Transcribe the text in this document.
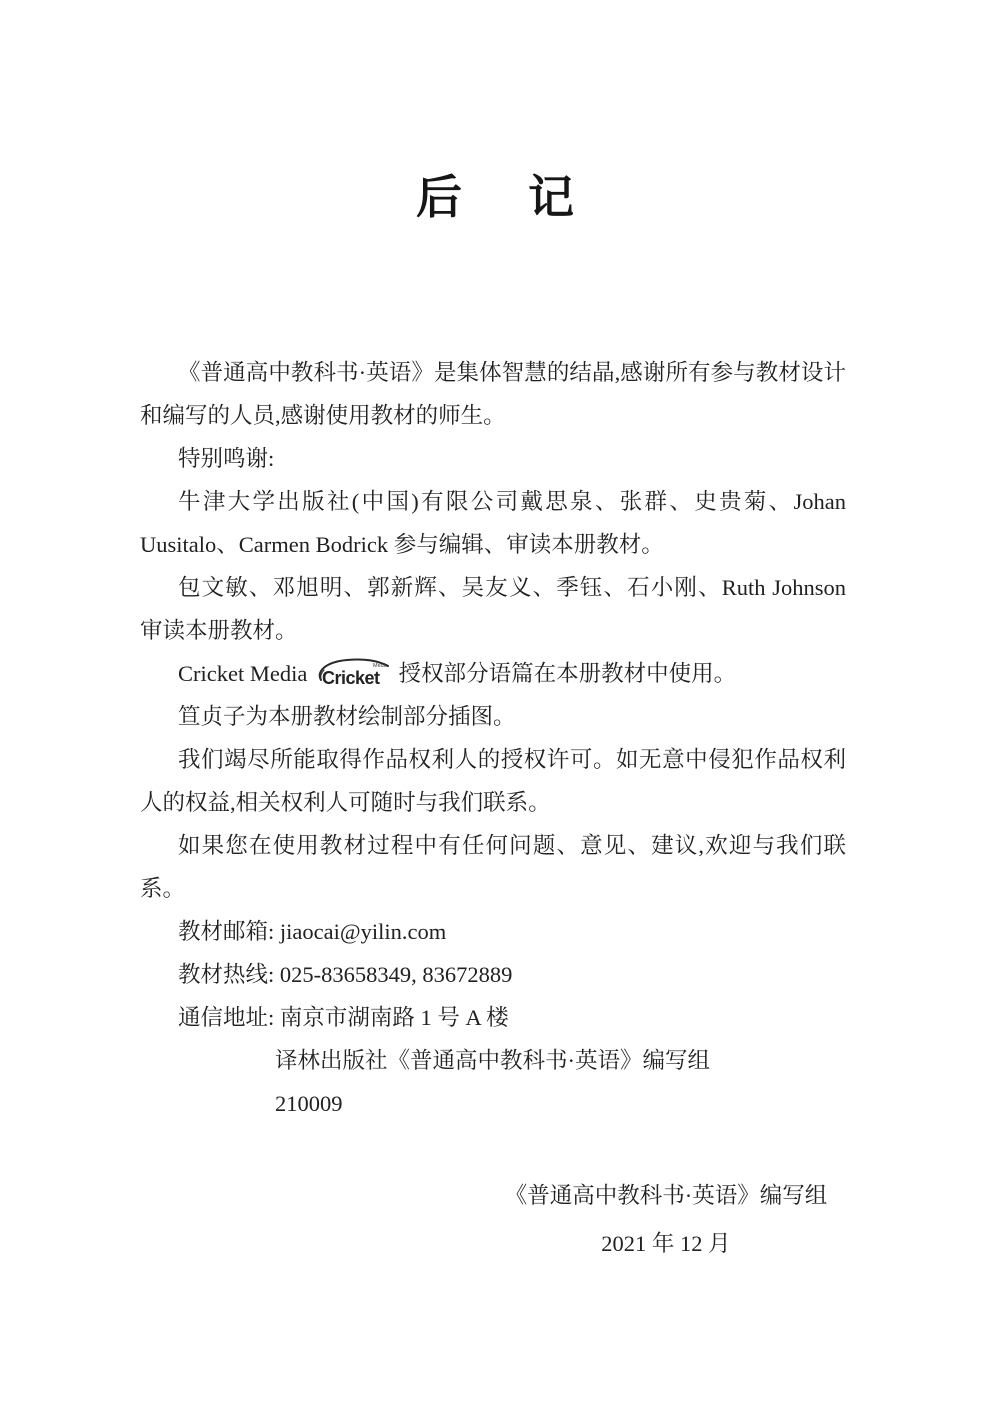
后　记

《普通高中教科书·英语》是集体智慧的结晶,感谢所有参与教材设计和编写的人员,感谢使用教材的师生。

特别鸣谢:

牛津大学出版社(中国)有限公司戴思泉、张群、史贵菊、Johan Uusitalo、Carmen Bodrick 参与编辑、审读本册教材。

包文敏、邓旭明、郭新辉、吴友义、季钰、石小刚、Ruth Johnson 审读本册教材。

Cricket Media Cricket
Media 授权部分语篇在本册教材中使用。

笪贞子为本册教材绘制部分插图。

我们竭尽所能取得作品权利人的授权许可。如无意中侵犯作品权利人的权益,相关权利人可随时与我们联系。

如果您在使用教材过程中有任何问题、意见、建议,欢迎与我们联系。

教材邮箱: jiaocai@yilin.com
教材热线: 025-83658349, 83672889
通信地址: 南京市湖南路 1 号 A 楼
译林出版社《普通高中教科书·英语》编写组
210009
《普通高中教科书·英语》编写组
2021 年 12 月
